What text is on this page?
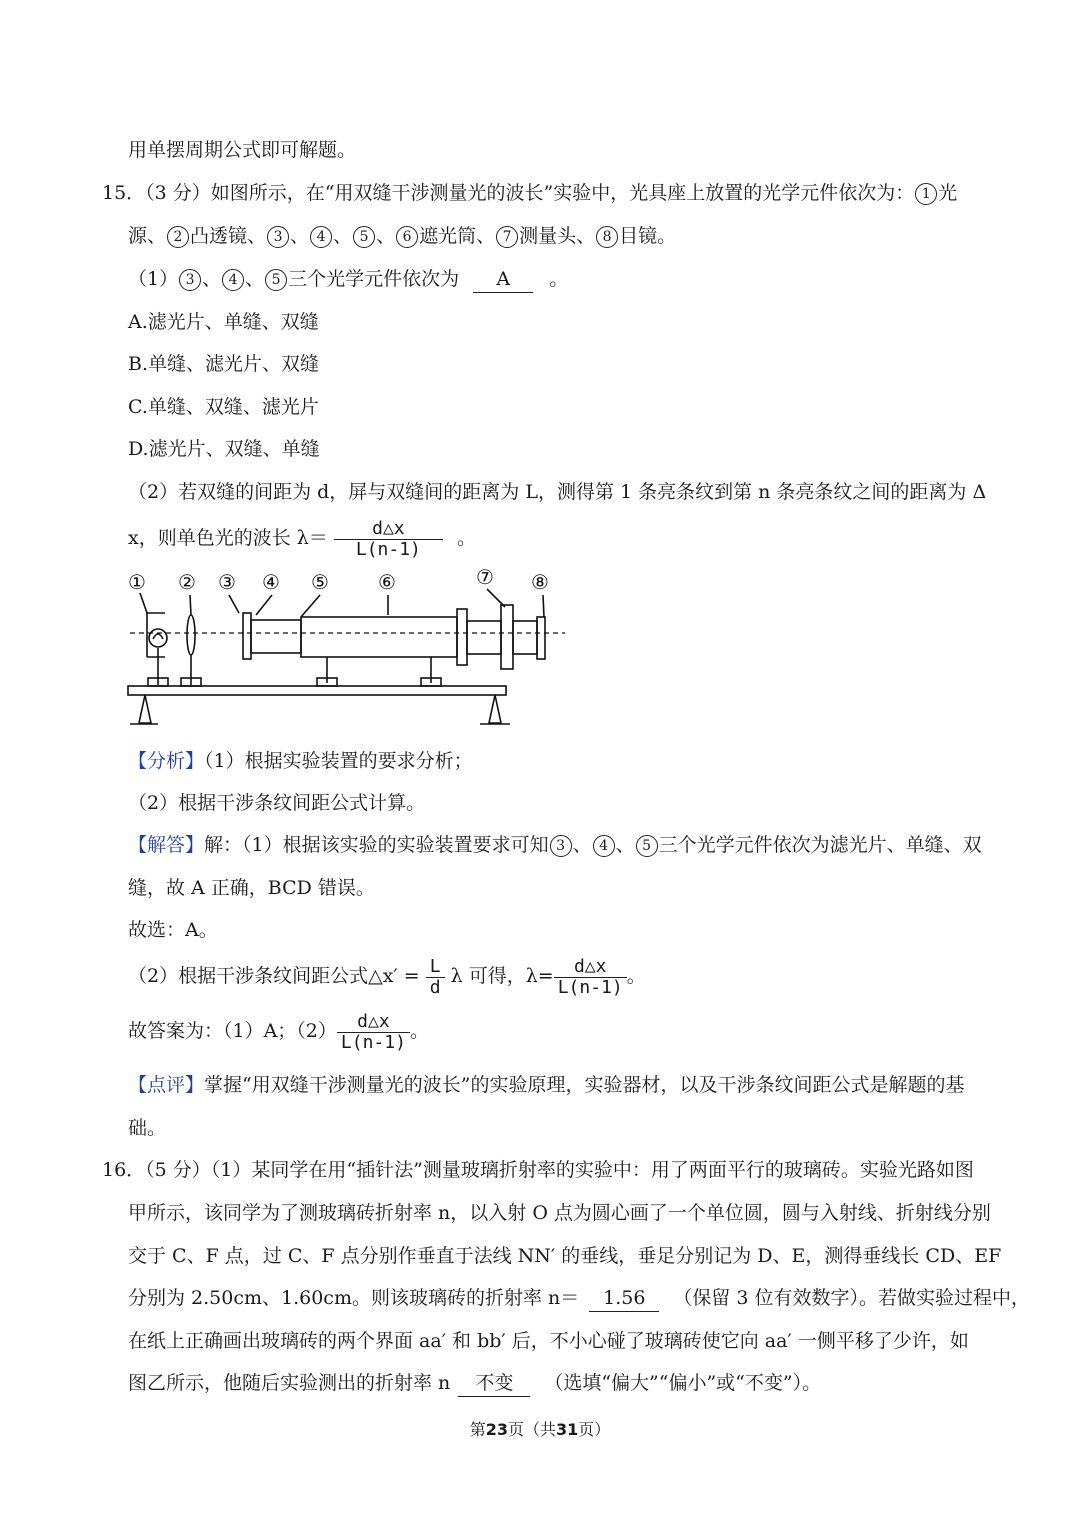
用单摆周期公式即可解题。
15．（3 分）如图所示，在“用双缝干涉测量光的波长”实验中，光具座上放置的光学元件依次为： 1 光
源、 2 凸透镜、 3 、 4 、 5 、 6 遮光筒、 7 测量头、 8 目镜。
（1） 3 、 4 、 5 三个光学元件依次为 A 。
A.滤光片、单缝、双缝
B.单缝、滤光片、双缝
C.单缝、双缝、滤光片
D.滤光片、双缝、单缝
（2）若双缝的间距为 d，屏与双缝间的距离为 L，测得第 1 条亮条纹到第 n 条亮条纹之间的距离为 Δ
x，则单色光的波长 $\lambda= \frac{d\triangle x}{L(n-1)}$ 。
① ② ③ ④ ⑤ ⑥	⑦ ⑧
【分析】（1）根据实验装置的要求分析；
（2）根据干涉条纹间距公式计算。
【解答】解：（1）根据该实验的实验装置要求可知 3 、 4 、 5 三个光学元件依次为滤光片、单缝、双
缝，故 A 正确，BCD 错误。
故选：A。
（2）根据干涉条纹间距公式△x′ = $\frac{L}{d}$ λ 可得，$\lambda= \frac{d\triangle x}{L(n-1)}$ 。
故答案为：（1）A；$(2) \frac{d\triangle x}{L(n-1)}$ 。
【点评】掌握“用双缝干涉测量光的波长”的实验原理，实验器材，以及干涉条纹间距公式是解题的基
础。
16．（5 分）（1）某同学在用“插针法”测量玻璃折射率的实验中：用了两面平行的玻璃砖。实验光路如图
甲所示，该同学为了测玻璃砖折射率 n，以入射 O 点为圆心画了一个单位圆，圆与入射线、折射线分别
交于 C、F 点，过 C、F 点分别作垂直于法线 NN′ 的垂线，垂足分别记为 D、E，测得垂线长 CD、EF
分别为 2.50cm、1.60cm。则该玻璃砖的折射率 n＝ 1.56 （保留 3 位有效数字）。若做实验过程中，
在纸上正确画出玻璃砖的两个界面 aa′ 和 bb′ 后，不小心碰了玻璃砖使它向 aa′ 一侧平移了少许，如
图乙所示，他随后实验测出的折射率 n 不变 （选填“偏大”“偏小”或“不变”）。
第23页（共31页）
